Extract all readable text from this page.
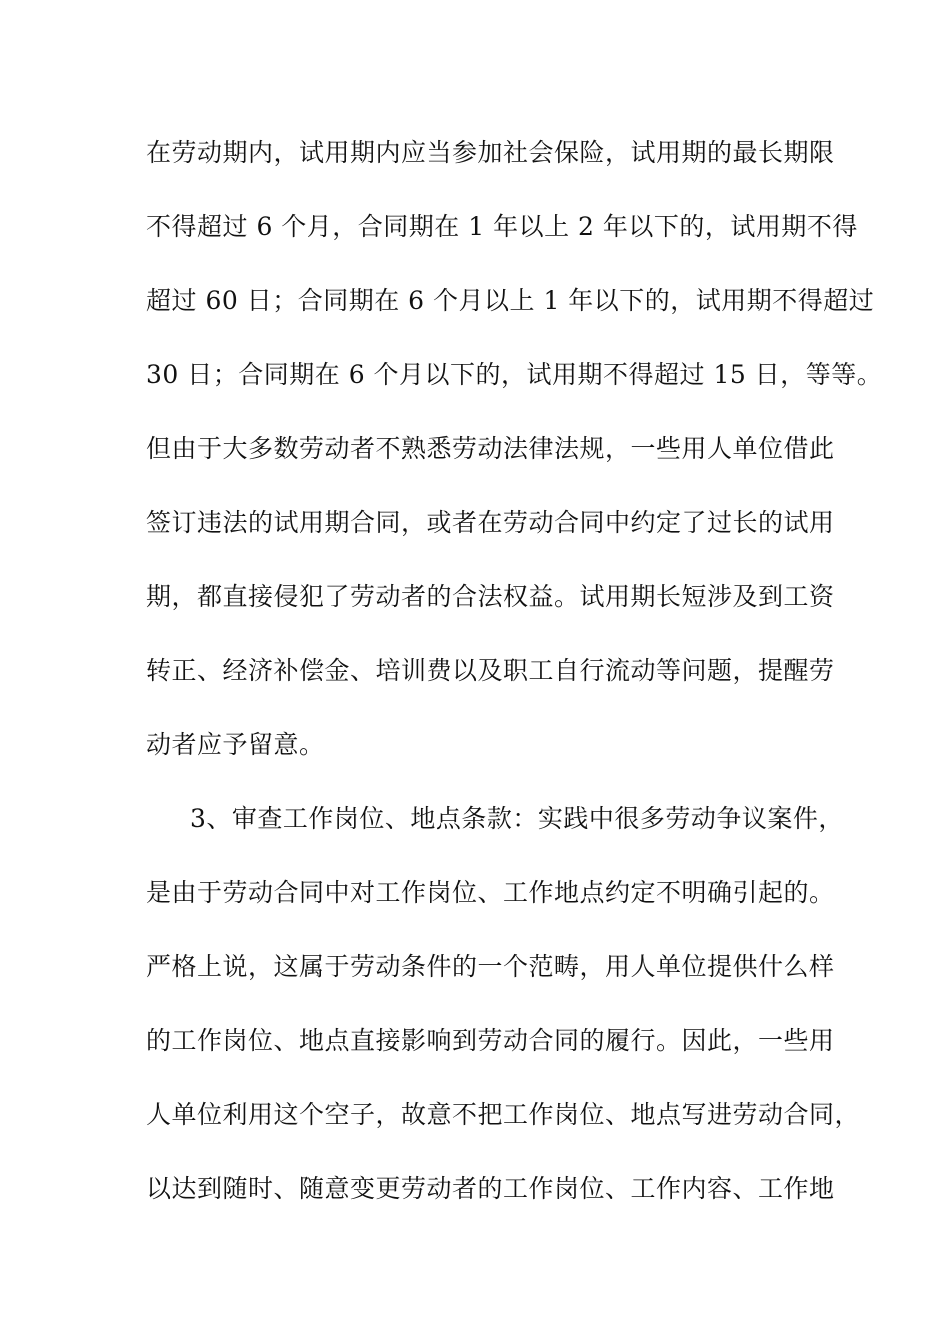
在劳动期内，试用期内应当参加社会保险，试用期的最长期限
不得超过 6 个月，合同期在 1 年以上 2 年以下的，试用期不得
超过 60 日；合同期在 6 个月以上 1 年以下的，试用期不得超过
30 日；合同期在 6 个月以下的，试用期不得超过 15 日，等等。
但由于大多数劳动者不熟悉劳动法律法规，一些用人单位借此
签订违法的试用期合同，或者在劳动合同中约定了过长的试用
期，都直接侵犯了劳动者的合法权益。试用期长短涉及到工资
转正、经济补偿金、培训费以及职工自行流动等问题，提醒劳
动者应予留意。
3、审查工作岗位、地点条款：实践中很多劳动争议案件，
是由于劳动合同中对工作岗位、工作地点约定不明确引起的。
严格上说，这属于劳动条件的一个范畴，用人单位提供什么样
的工作岗位、地点直接影响到劳动合同的履行。因此，一些用
人单位利用这个空子，故意不把工作岗位、地点写进劳动合同，
以达到随时、随意变更劳动者的工作岗位、工作内容、工作地
